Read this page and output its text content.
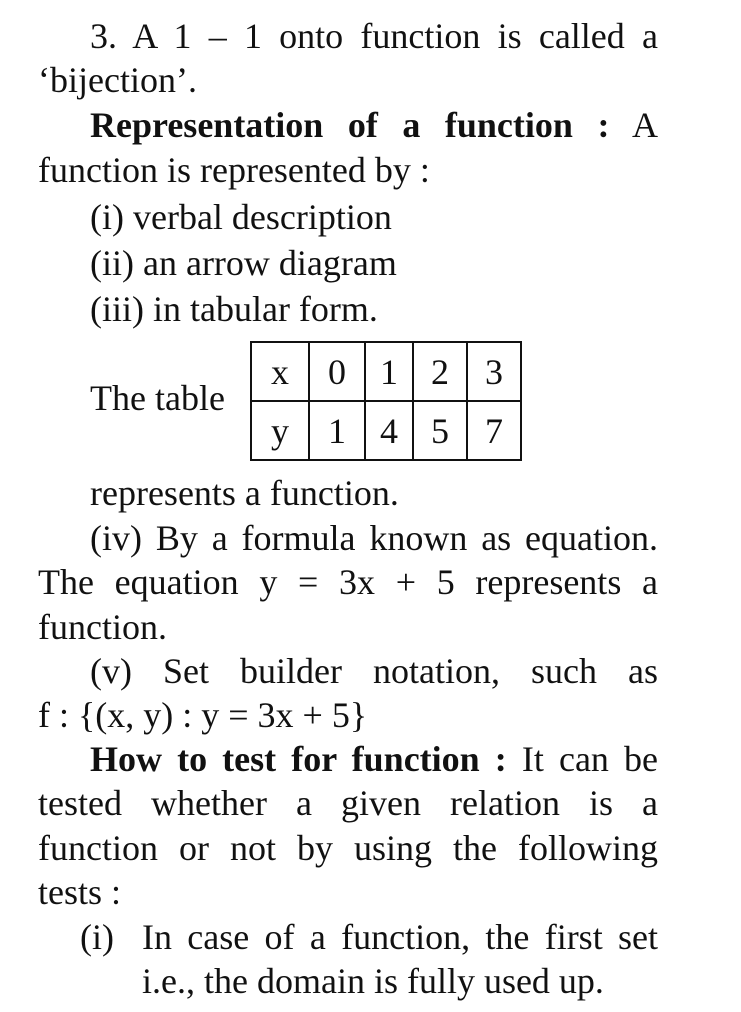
3. A 1 – 1 onto function is called a
‘bijection’.
Representation of a function : A
function is represented by :
(i) verbal description
(ii) an arrow diagram
(iii) in tabular form.
The table
x	0	1	2	3
y	1	4	5	7
represents a function.
(iv) By a formula known as equation.
The equation y = 3x + 5 represents a
function.
(v) Set builder notation, such as
f : {(x, y) : y = 3x + 5}
How to test for function : It can be
tested whether a given relation is a
function or not by using the following
tests :
(i) In case of a function, the first set
i.e., the domain is fully used up.
